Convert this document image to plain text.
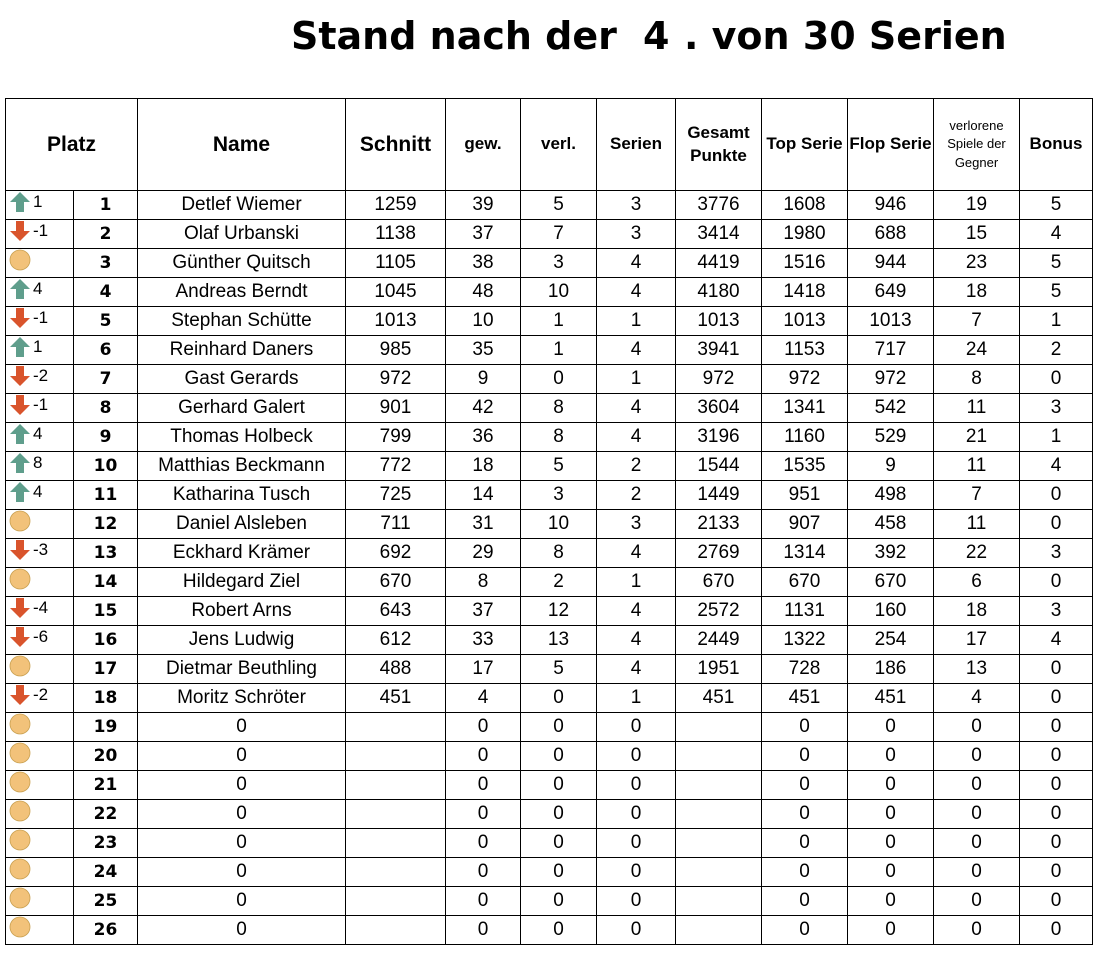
Stand nach der 4 . von 30 Serien
Platz		Name	Schnitt	gew.	verl.	Serien	Gesamt Punkte	Top Serie	Flop Serie	verlorene Spiele der Gegner	Bonus

1	1	Detlef Wiemer	1259	39	5	3	3776	1608	946	19	5

-1	2	Olaf Urbanski	1138	37	7	3	3414	1980	688	15	4

	3	Günther Quitsch	1105	38	3	4	4419	1516	944	23	5

4	4	Andreas Berndt	1045	48	10	4	4180	1418	649	18	5

-1	5	Stephan Schütte	1013	10	1	1	1013	1013	1013	7	1

1	6	Reinhard Daners	985	35	1	4	3941	1153	717	24	2

-2	7	Gast Gerards	972	9	0	1	972	972	972	8	0

-1	8	Gerhard Galert	901	42	8	4	3604	1341	542	11	3

4	9	Thomas Holbeck	799	36	8	4	3196	1160	529	21	1

8	10	Matthias Beckmann	772	18	5	2	1544	1535	9	11	4

4	11	Katharina Tusch	725	14	3	2	1449	951	498	7	0

	12	Daniel Alsleben	711	31	10	3	2133	907	458	11	0

-3	13	Eckhard Krämer	692	29	8	4	2769	1314	392	22	3

	14	Hildegard Ziel	670	8	2	1	670	670	670	6	0

-4	15	Robert Arns	643	37	12	4	2572	1131	160	18	3

-6	16	Jens Ludwig	612	33	13	4	2449	1322	254	17	4

	17	Dietmar Beuthling	488	17	5	4	1951	728	186	13	0

-2	18	Moritz Schröter	451	4	0	1	451	451	451	4	0

	19	0		0	0	0		0	0	0	0

	20	0		0	0	0		0	0	0	0

	21	0		0	0	0		0	0	0	0

	22	0		0	0	0		0	0	0	0

	23	0		0	0	0		0	0	0	0

	24	0		0	0	0		0	0	0	0

	25	0		0	0	0		0	0	0	0

	26	0		0	0	0		0	0	0	0
